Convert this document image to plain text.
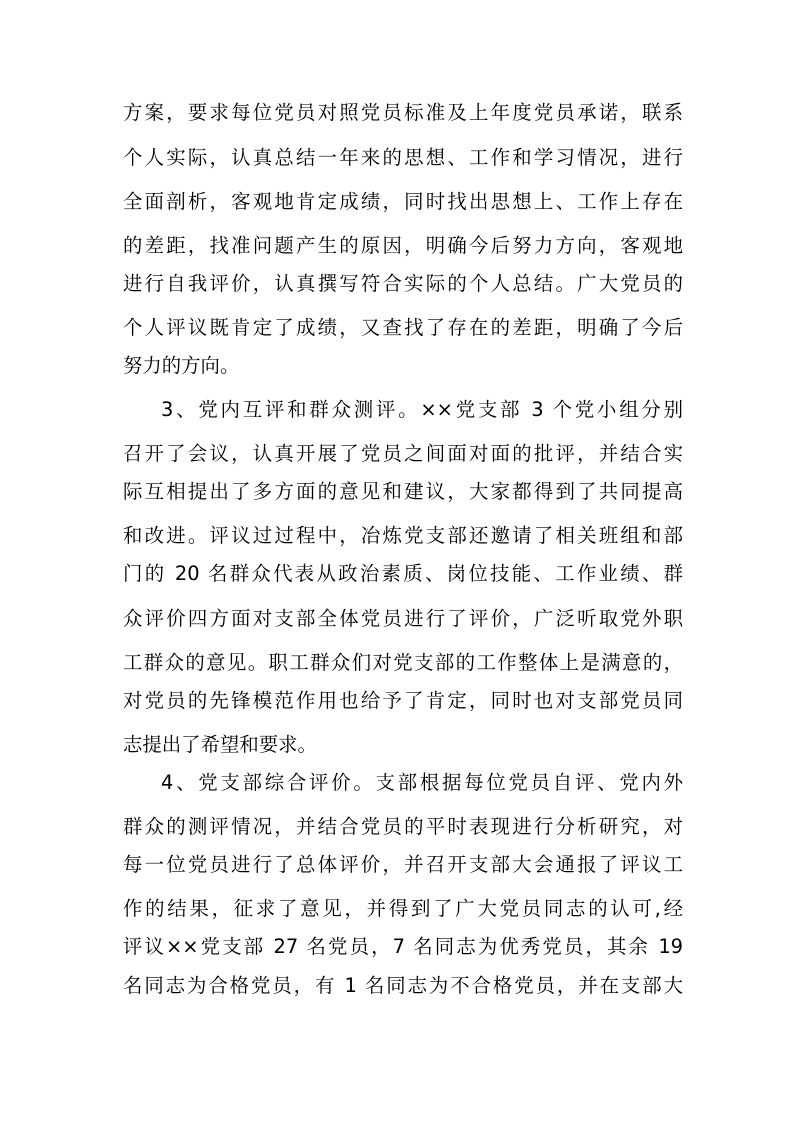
方案，要求每位党员对照党员标准及上年度党员承诺，联系
个人实际，认真总结一年来的思想、工作和学习情况，进行
全面剖析，客观地肯定成绩，同时找出思想上、工作上存在
的差距，找准问题产生的原因，明确今后努力方向，客观地
进行自我评价，认真撰写符合实际的个人总结。广大党员的
个人评议既肯定了成绩，又查找了存在的差距，明确了今后
努力的方向。
3、党内互评和群众测评。××党支部 3 个党小组分别
召开了会议，认真开展了党员之间面对面的批评，并结合实
际互相提出了多方面的意见和建议，大家都得到了共同提高
和改进。评议过过程中，冶炼党支部还邀请了相关班组和部
门的 20 名群众代表从政治素质、岗位技能、工作业绩、群
众评价四方面对支部全体党员进行了评价，广泛听取党外职
工群众的意见。职工群众们对党支部的工作整体上是满意的，
对党员的先锋模范作用也给予了肯定，同时也对支部党员同
志提出了希望和要求。
4、党支部综合评价。支部根据每位党员自评、党内外
群众的测评情况，并结合党员的平时表现进行分析研究，对
每一位党员进行了总体评价，并召开支部大会通报了评议工
作的结果，征求了意见，并得到了广大党员同志的认可,经
评议××党支部 27 名党员，7 名同志为优秀党员，其余 19
名同志为合格党员，有 1 名同志为不合格党员，并在支部大
